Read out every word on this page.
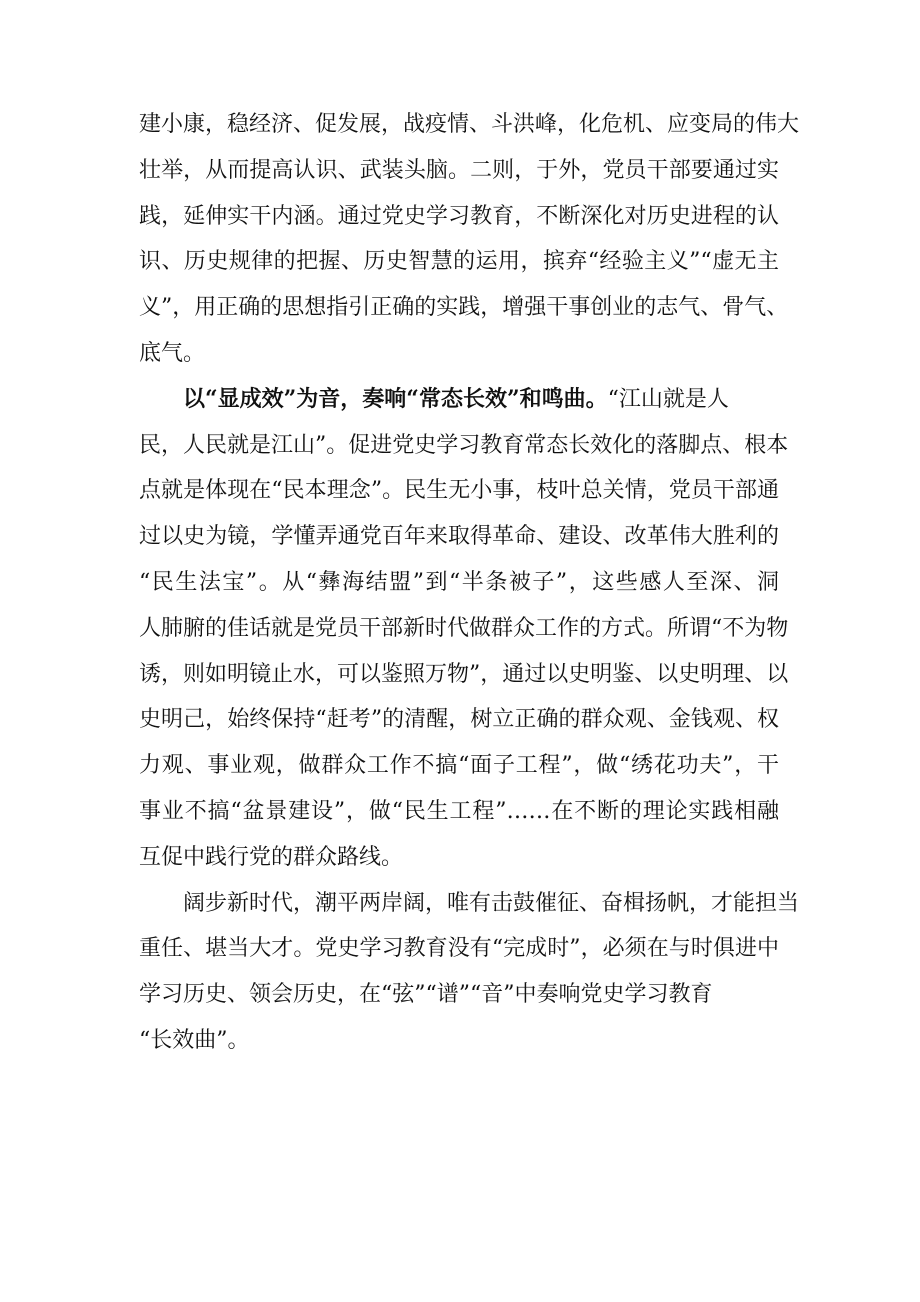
建小康，稳经济、促发展，战疫情、斗洪峰，化危机、应变局的伟大
壮举，从而提高认识、武装头脑。二则，于外，党员干部要通过实
践，延伸实干内涵。通过党史学习教育，不断深化对历史进程的认
识、历史规律的把握、历史智慧的运用，摈弃“经验主义”“虚无主
义”，用正确的思想指引正确的实践，增强干事创业的志气、骨气、
底气。
以“显成效”为音，奏响“常态长效”和鸣曲。 “江山就是人
民，人民就是江山”。促进党史学习教育常态长效化的落脚点、根本
点就是体现在“民本理念”。民生无小事，枝叶总关情，党员干部通
过以史为镜，学懂弄通党百年来取得革命、建设、改革伟大胜利的
“民生法宝”。从“彝海结盟”到“半条被子”，这些感人至深、洞
人肺腑的佳话就是党员干部新时代做群众工作的方式。所谓“不为物
诱，则如明镜止水，可以鉴照万物”，通过以史明鉴、以史明理、以
史明己，始终保持“赶考”的清醒，树立正确的群众观、金钱观、权
力观、事业观，做群众工作不搞“面子工程”，做“绣花功夫”，干
事业不搞“盆景建设”，做“民生工程”……在不断的理论实践相融
互促中践行党的群众路线。
阔步新时代，潮平两岸阔，唯有击鼓催征、奋楫扬帆，才能担当
重任、堪当大才。党史学习教育没有“完成时”，必须在与时俱进中
学习历史、领会历史，在“弦”“谱”“音”中奏响党史学习教育
“长效曲”。
